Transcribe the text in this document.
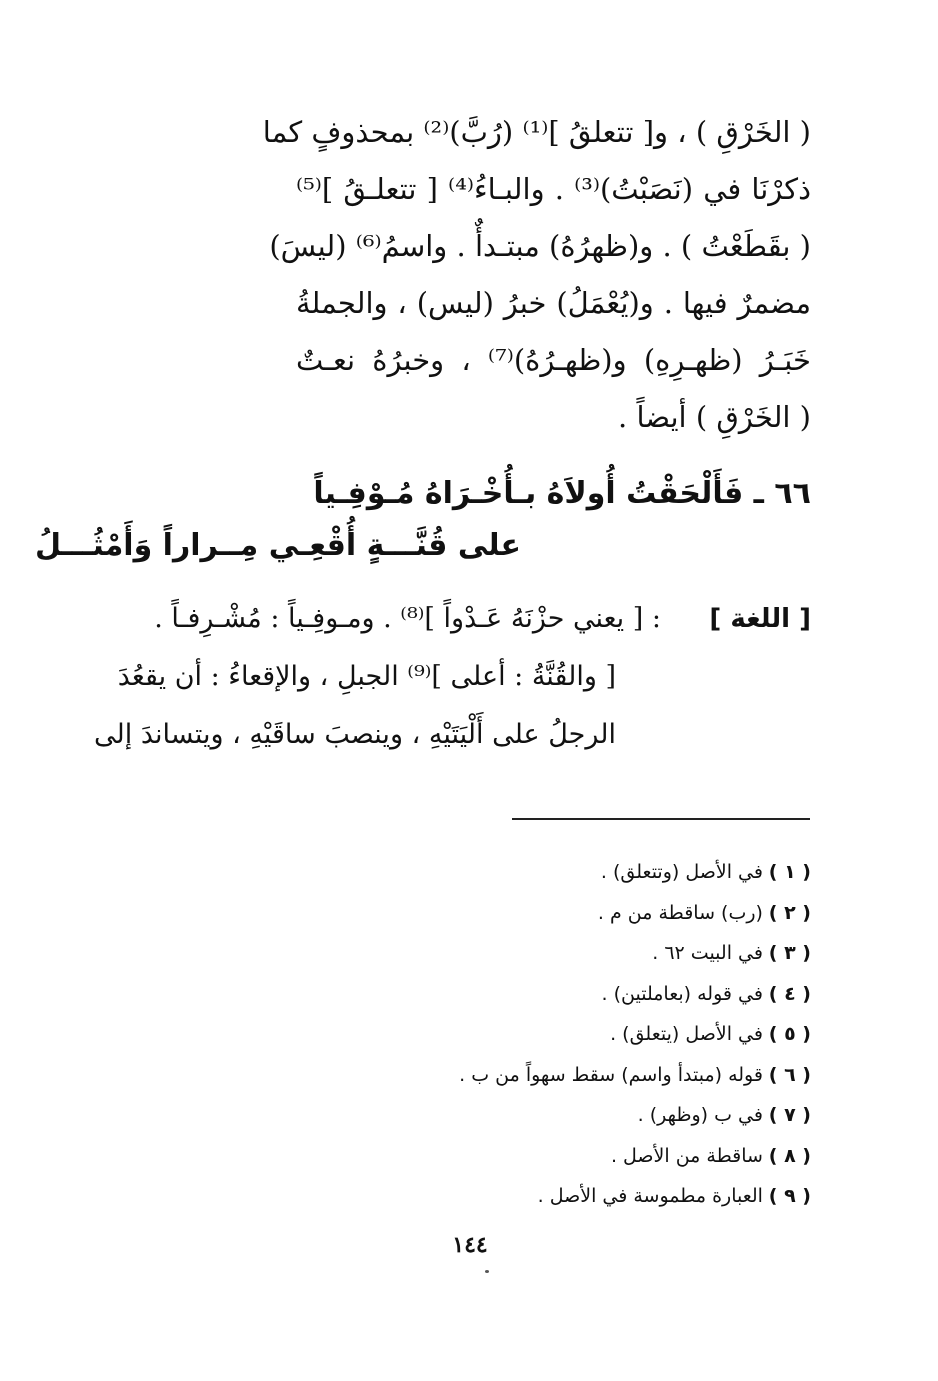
( الخَرْقِ ) ، و[ تتعلقُ ]⁽¹⁾ (رُبَّ)⁽²⁾ بمحذوفٍ كما
ذكرْنَا في (نَصَبْتُ)⁽³⁾ . والبـاءُ⁽⁴⁾ [ تتعلـقُ ]⁽⁵⁾
( بقَطَعْتُ ) . و(ظهرُهُ) مبتـدأٌ . واسمُ⁽⁶⁾ (ليسَ)
مضمرٌ فيها . و(يُعْمَلُ) خبرُ (ليس) ، والجملةُ
خَبَـرُ (ظهـرِهِ) و(ظهـرُهُ)⁽⁷⁾ ، وخبرُهُ نعـتٌ
( الخَرْقِ ) أيضاً .
٦٦ ـ فَأَلْحَقْتُ أُولاَهُ بـأُخْـرَاهُ مُـوْفِـياً
على قُنَّـــةٍ أُقْعِـي مِــراراً وَأَمْثُـــلُ
[ اللغة ]
: [ يعني حزْنَهُ عَـدْواً ]⁽⁸⁾ . ومـوفِـياً : مُشْـرِفـاً .
[ والقُنَّةُ : أعلى ]⁽⁹⁾ الجبلِ ، والإقعاءُ : أن يقعُدَ
الرجلُ على أَلْيَتَيْهِ ، وينصبَ ساقَيْهِ ، ويتساندَ إلى
( ١ ) في الأصل (وتتعلق) .
( ٢ ) (رب) ساقطة من م .
( ٣ ) في البيت ٦٢ .
( ٤ ) في قوله (بعاملتين) .
( ٥ ) في الأصل (يتعلق) .
( ٦ ) قوله (مبتدأ واسم) سقط سهواً من ب .
( ٧ ) في ب (وظهر) .
( ٨ ) ساقطة من الأصل .
( ٩ ) العبارة مطموسة في الأصل .
١٤٤
